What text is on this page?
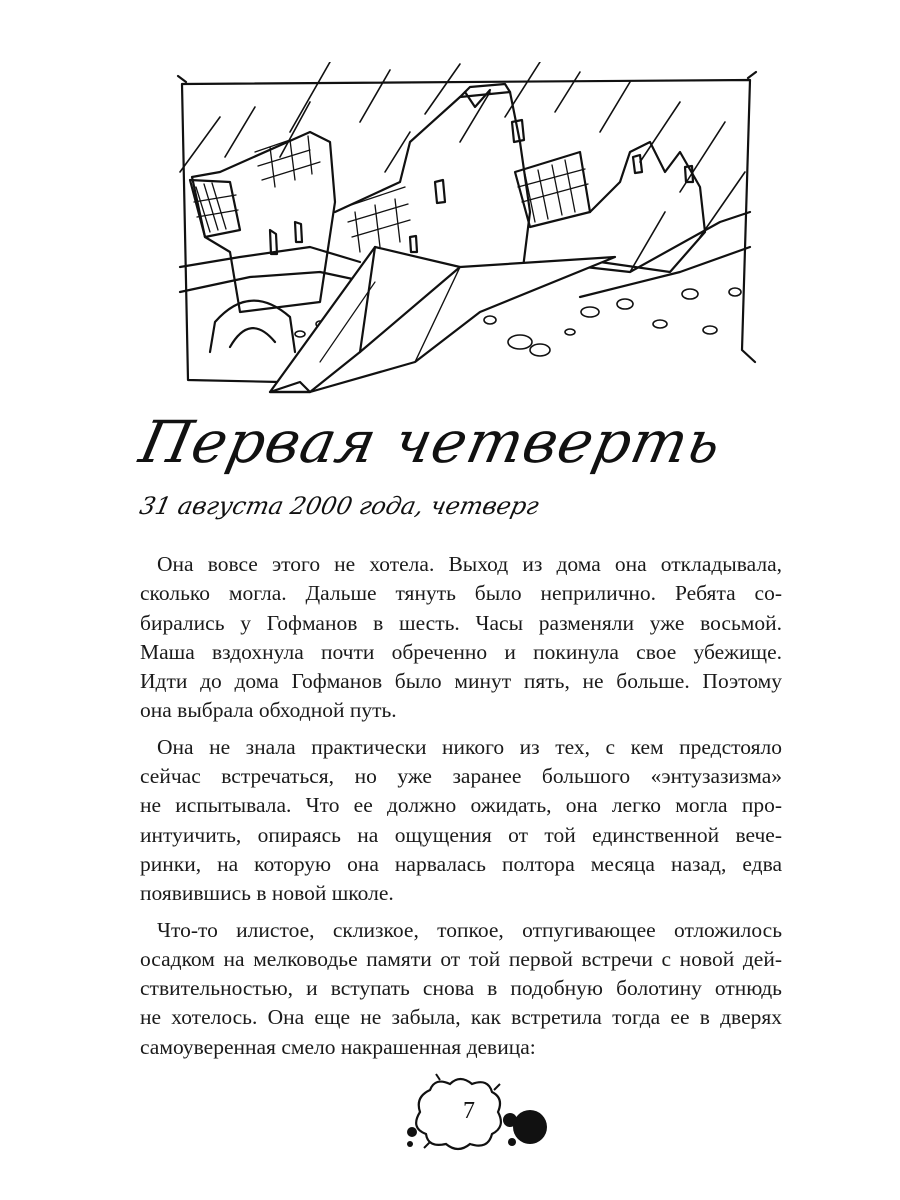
Первая четверть
31 августа 2000 года, четверг

Она вовсе этого не хотела. Выход из дома она откладывала,
сколько могла. Дальше тянуть было неприлично. Ребята со-
бирались у Гофманов в шесть. Часы разменяли уже восьмой.
Маша вздохнула почти обреченно и покинула свое убежище.
Идти до дома Гофманов было минут пять, не больше. Поэтому
она выбрала обходной путь.

Она не знала практически никого из тех, с кем предстояло
сейчас встречаться, но уже заранее большого «энтузазизма»
не испытывала. Что ее должно ожидать, она легко могла про-
интуичить, опираясь на ощущения от той единственной вече-
ринки, на которую она нарвалась полтора месяца назад, едва
появившись в новой школе.

Что-то илистое, склизкое, топкое, отпугивающее отложилось
осадком на мелководье памяти от той первой встречи с новой дей-
ствительностью, и вступать снова в подобную болотину отнюдь
не хотелось. Она еще не забыла, как встретила тогда ее в дверях
самоуверенная смело накрашенная девица:

7
